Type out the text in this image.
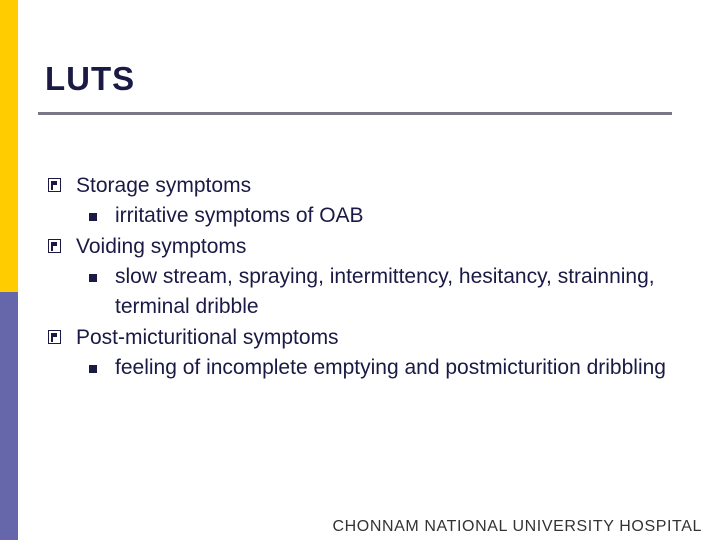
LUTS
Storage symptoms
irritative symptoms of OAB
Voiding symptoms
slow stream, spraying, intermittency, hesitancy, strainning, terminal dribble
Post-micturitional symptoms
feeling of incomplete emptying and postmicturition dribbling
CHONNAM NATIONAL UNIVERSITY HOSPITAL
